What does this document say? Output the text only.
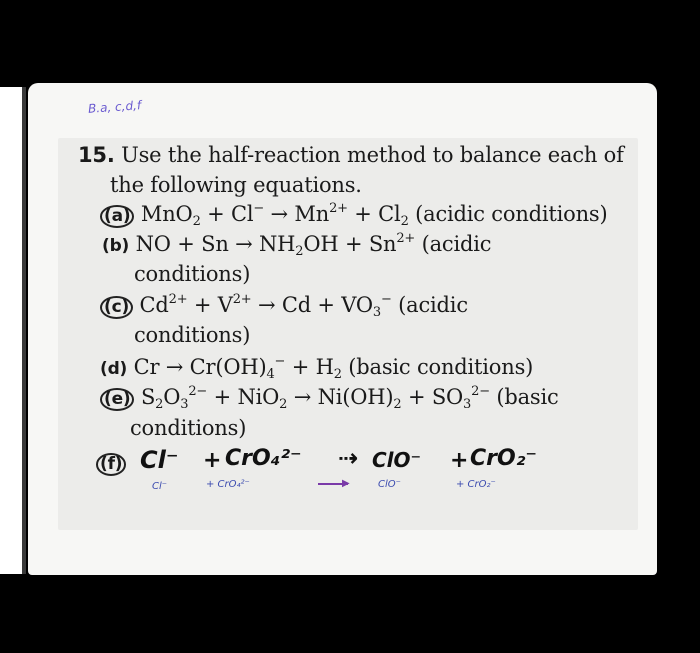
B.a, c,d,f
15. Use the half-reaction method to balance each of
the following equations.
(a) $MnO_2 + Cl^- \to Mn^{2+} + Cl_2$ (acidic conditions)
(b) NO + $Sn \to NH_2OH + Sn^{2+}$ (acidic
conditions)
(c) $Cd^{2+} + V^{2+} \to Cd + VO_3^-$ (acidic
conditions)
(d) $Cr \to Cr(OH)_4^- + H_2$ (basic conditions)
(e) $S_2O_3^{2-} + NiO_2 \to Ni(OH)_2 + SO_3^{2-}$ (basic
conditions)
(f) Cl⁻ + CrO₄²⁻ ⇢ ClO⁻ + CrO₂⁻
Cl⁻	+ CrO₄²⁻	▶	ClO⁻	+ CrO₂⁻
